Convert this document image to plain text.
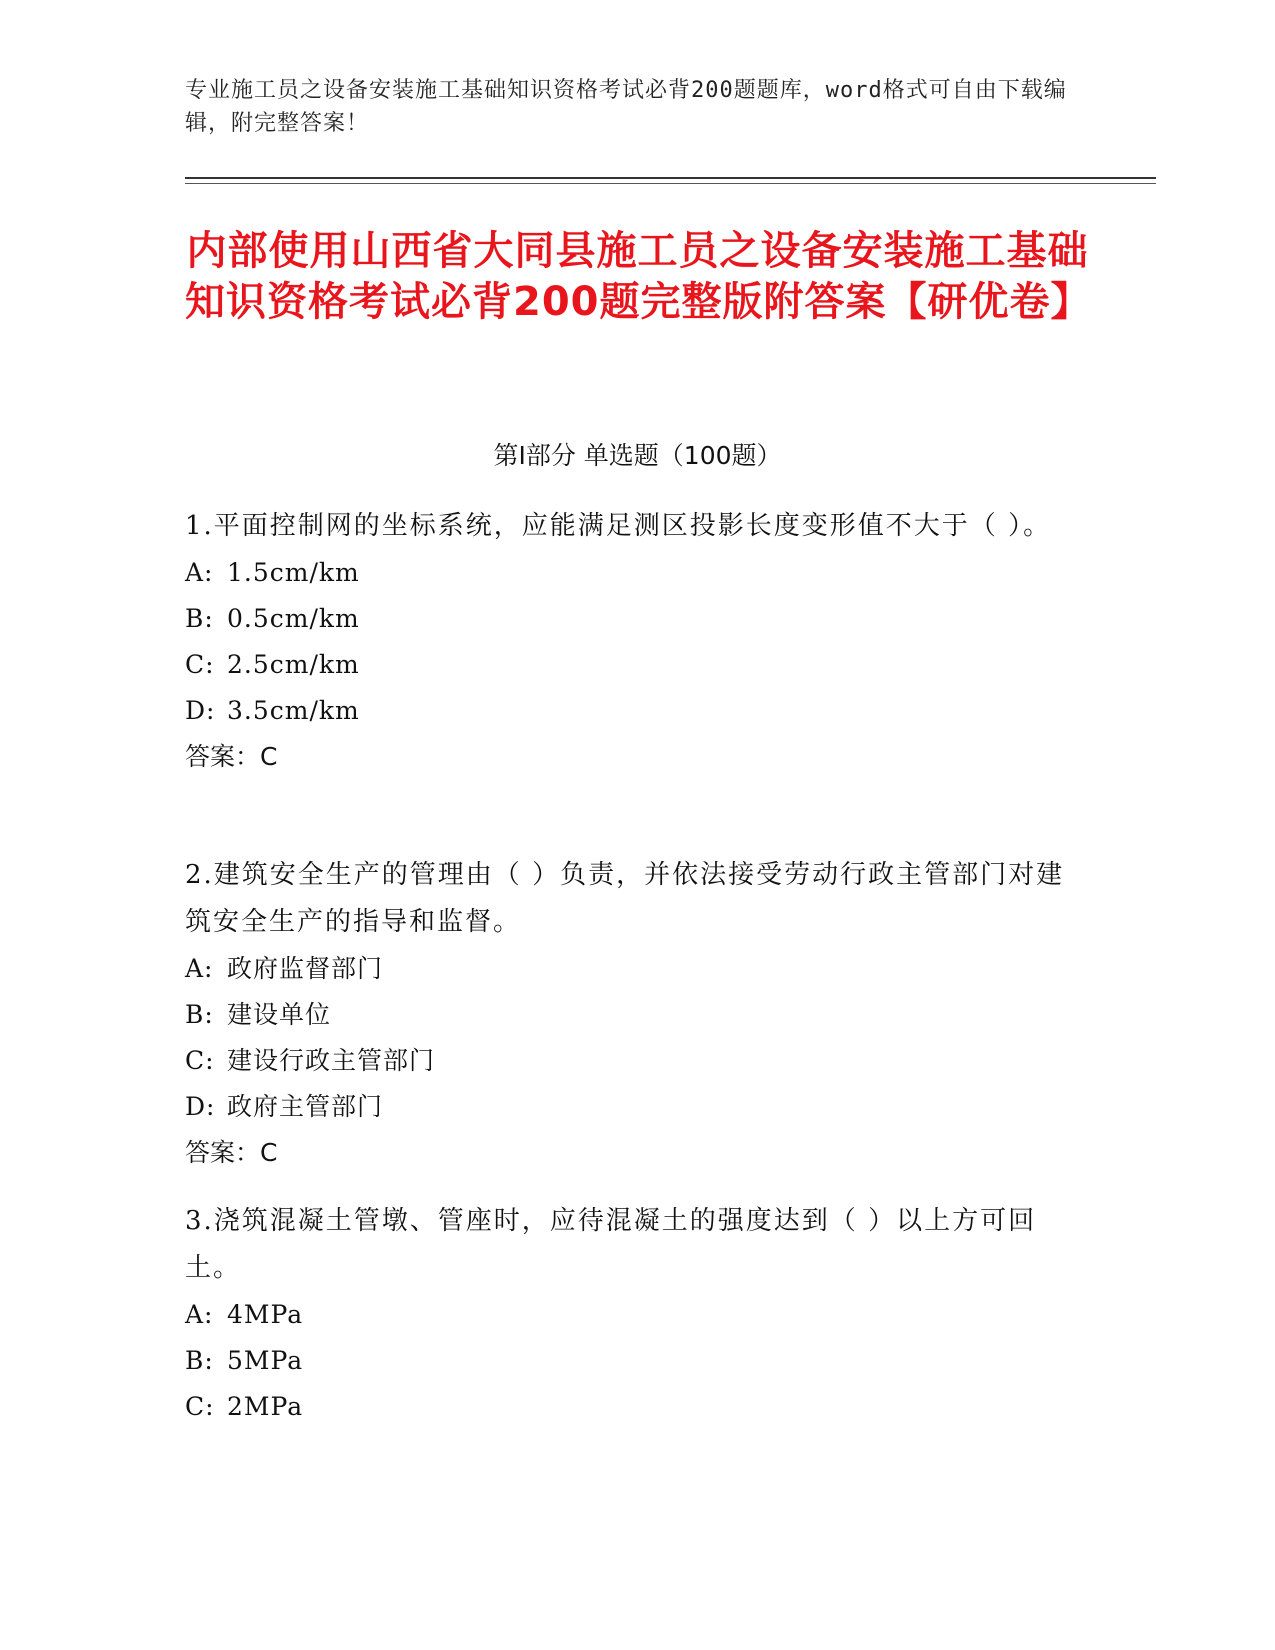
专业施工员之设备安装施工基础知识资格考试必背200题题库，word格式可自由下载编辑，附完整答案！
内部使用山西省大同县施工员之设备安装施工基础知识资格考试必背200题完整版附答案【研优卷】
第I部分 单选题（100题）
1.平面控制网的坐标系统，应能满足测区投影长度变形值不大于（ ）。
A: 1.5cm/km
B: 0.5cm/km
C: 2.5cm/km
D: 3.5cm/km
答案：C
2.建筑安全生产的管理由（ ）负责，并依法接受劳动行政主管部门对建筑安全生产的指导和监督。
A: 政府监督部门
B: 建设单位
C: 建设行政主管部门
D: 政府主管部门
答案：C
3.浇筑混凝土管墩、管座时，应待混凝土的强度达到（ ）以上方可回土。
A: 4MPa
B: 5MPa
C: 2MPa
